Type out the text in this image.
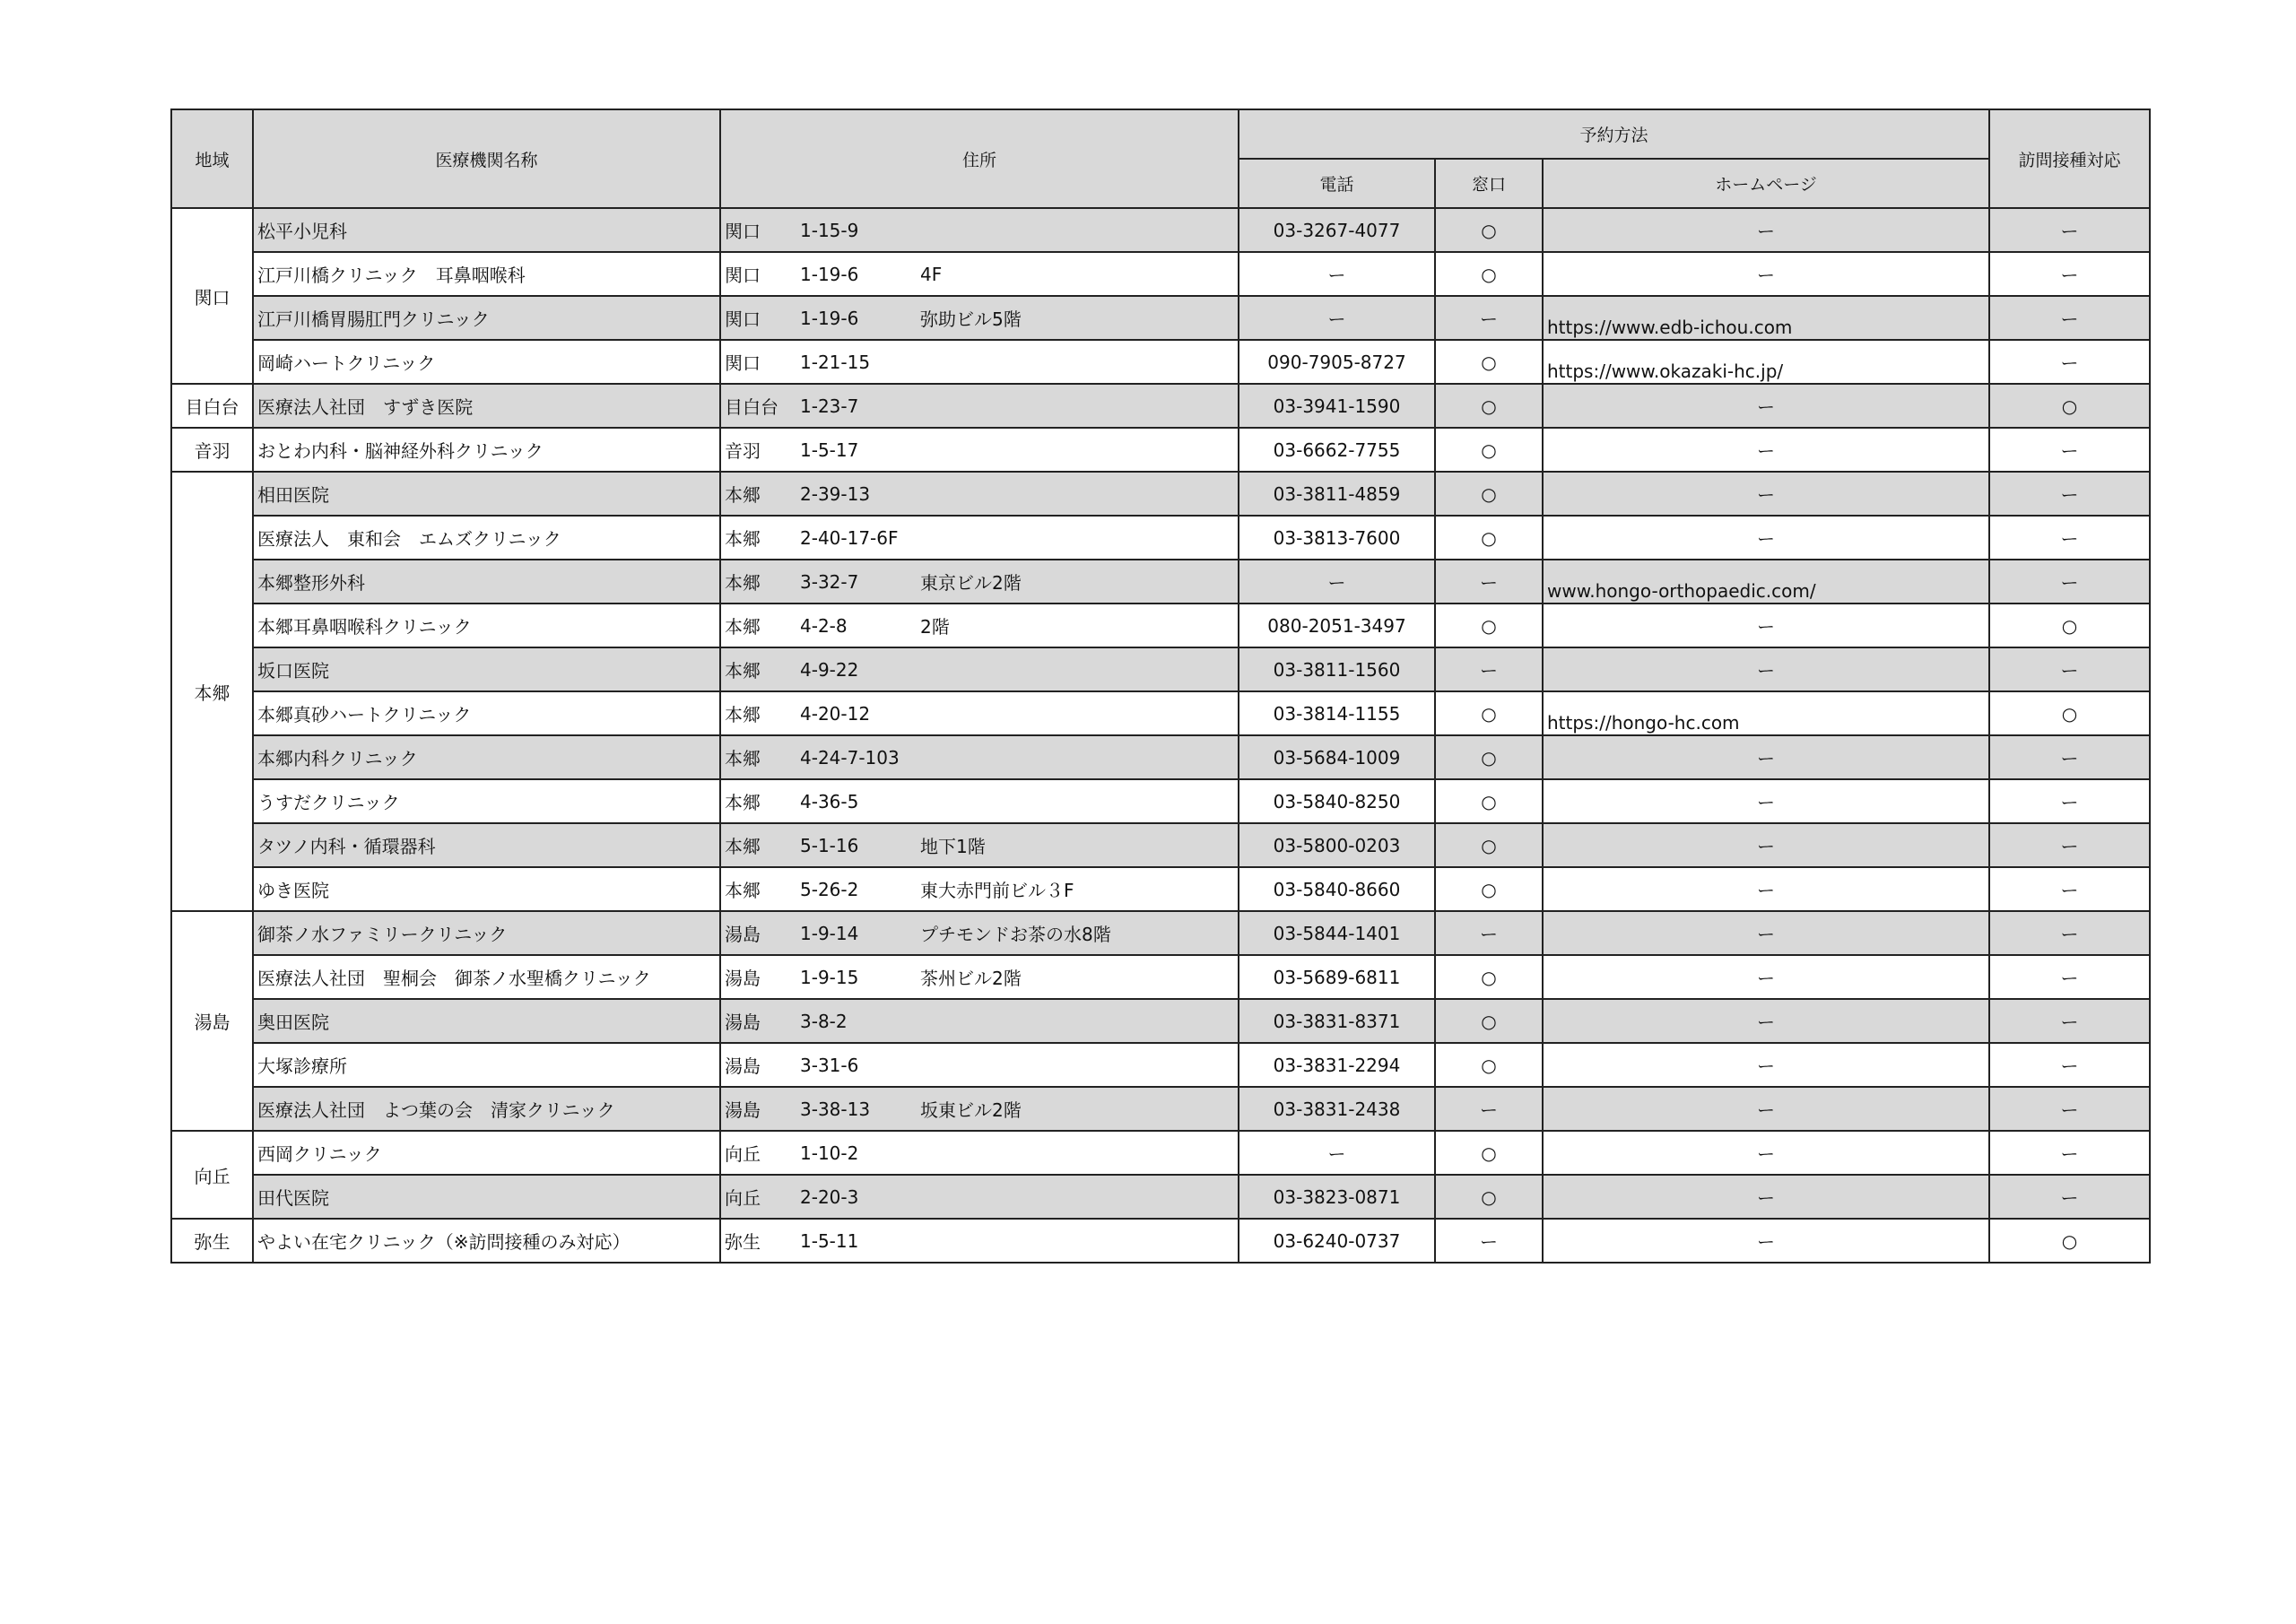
地域	医療機関名称	住所	予約方法			訪問接種対応
			電話	窓口	ホームページ	
関口	松平小児科	関口 1-15-9	03-3267-4077	○	ー	ー
	江戸川橋クリニック　耳鼻咽喉科	関口 1-19-6 4F	ー	○	ー	ー
	江戸川橋胃腸肛門クリニック	関口 1-19-6 弥助ビル5階	ー	ー	https://www.edb-ichou.com	ー
	岡崎ハートクリニック	関口 1-21-15	090-7905-8727	○	https://www.okazaki-hc.jp/	ー
目白台	医療法人社団　すずき医院	目白台 1-23-7	03-3941-1590	○	ー	○
音羽	おとわ内科・脳神経外科クリニック	音羽 1-5-17	03-6662-7755	○	ー	ー
本郷	相田医院	本郷 2-39-13	03-3811-4859	○	ー	ー
	医療法人　東和会　エムズクリニック	本郷 2-40-17-6F	03-3813-7600	○	ー	ー
	本郷整形外科	本郷 3-32-7 東京ビル2階	ー	ー	www.hongo-orthopaedic.com/	ー
	本郷耳鼻咽喉科クリニック	本郷 4-2-8 2階	080-2051-3497	○	ー	○
	坂口医院	本郷 4-9-22	03-3811-1560	ー	ー	ー
	本郷真砂ハートクリニック	本郷 4-20-12	03-3814-1155	○	https://hongo-hc.com	○
	本郷内科クリニック	本郷 4-24-7-103	03-5684-1009	○	ー	ー
	うすだクリニック	本郷 4-36-5	03-5840-8250	○	ー	ー
	タツノ内科・循環器科	本郷 5-1-16 地下1階	03-5800-0203	○	ー	ー
	ゆき医院	本郷 5-26-2 東大赤門前ビル３F	03-5840-8660	○	ー	ー
湯島	御茶ノ水ファミリークリニック	湯島 1-9-14 プチモンドお茶の水8階	03-5844-1401	ー	ー	ー
	医療法人社団　聖桐会　御茶ノ水聖橋クリニック	湯島 1-9-15 茶州ビル2階	03-5689-6811	○	ー	ー
	奥田医院	湯島 3-8-2	03-3831-8371	○	ー	ー
	大塚診療所	湯島 3-31-6	03-3831-2294	○	ー	ー
	医療法人社団　よつ葉の会　清家クリニック	湯島 3-38-13 坂東ビル2階	03-3831-2438	ー	ー	ー
向丘	西岡クリニック	向丘 1-10-2	ー	○	ー	ー
	田代医院	向丘 2-20-3	03-3823-0871	○	ー	ー
弥生	やよい在宅クリニック（※訪問接種のみ対応）	弥生 1-5-11	03-6240-0737	ー	ー	○
